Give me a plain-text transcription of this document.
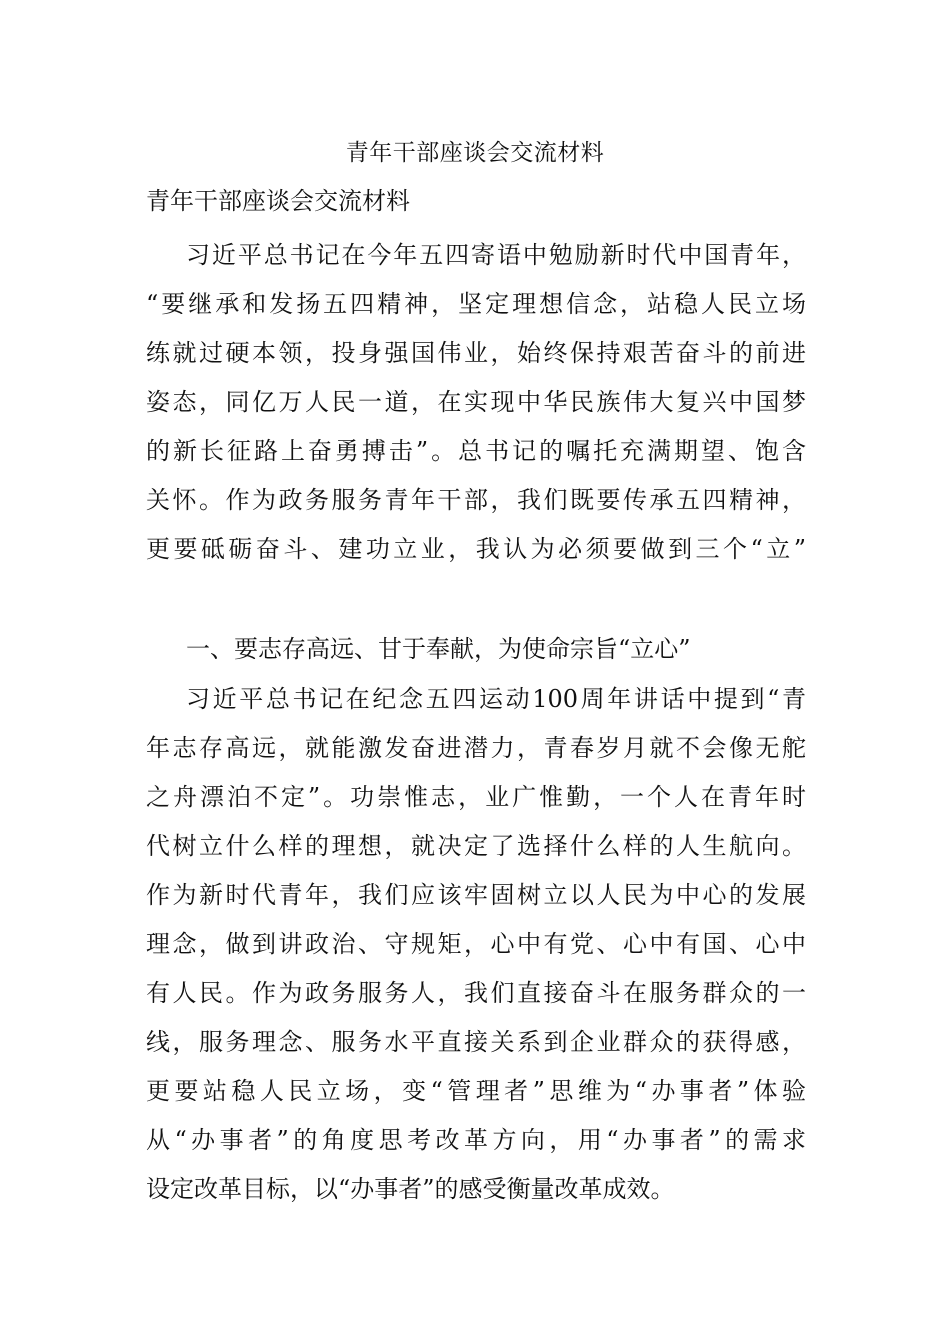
青年干部座谈会交流材料
青年干部座谈会交流材料
习近平总书记在今年五四寄语中勉励新时代中国青年，
“要继承和发扬五四精神，坚定理想信念，站稳人民立场
练就过硬本领，投身强国伟业，始终保持艰苦奋斗的前进
姿态，同亿万人民一道，在实现中华民族伟大复兴中国梦
的新长征路上奋勇搏击”。总书记的嘱托充满期望、饱含
关怀。作为政务服务青年干部，我们既要传承五四精神，
更要砥砺奋斗、建功立业，我认为必须要做到三个“立”
一、要志存高远、甘于奉献，为使命宗旨“立心”
习近平总书记在纪念五四运动100周年讲话中提到“青
年志存高远，就能激发奋进潜力，青春岁月就不会像无舵
之舟漂泊不定”。功崇惟志，业广惟勤，一个人在青年时
代树立什么样的理想，就决定了选择什么样的人生航向。
作为新时代青年，我们应该牢固树立以人民为中心的发展
理念，做到讲政治、守规矩，心中有党、心中有国、心中
有人民。作为政务服务人，我们直接奋斗在服务群众的一
线，服务理念、服务水平直接关系到企业群众的获得感，
更要站稳人民立场，变“管理者”思维为“办事者”体验
从“办事者”的角度思考改革方向，用“办事者”的需求
设定改革目标，以“办事者”的感受衡量改革成效。
